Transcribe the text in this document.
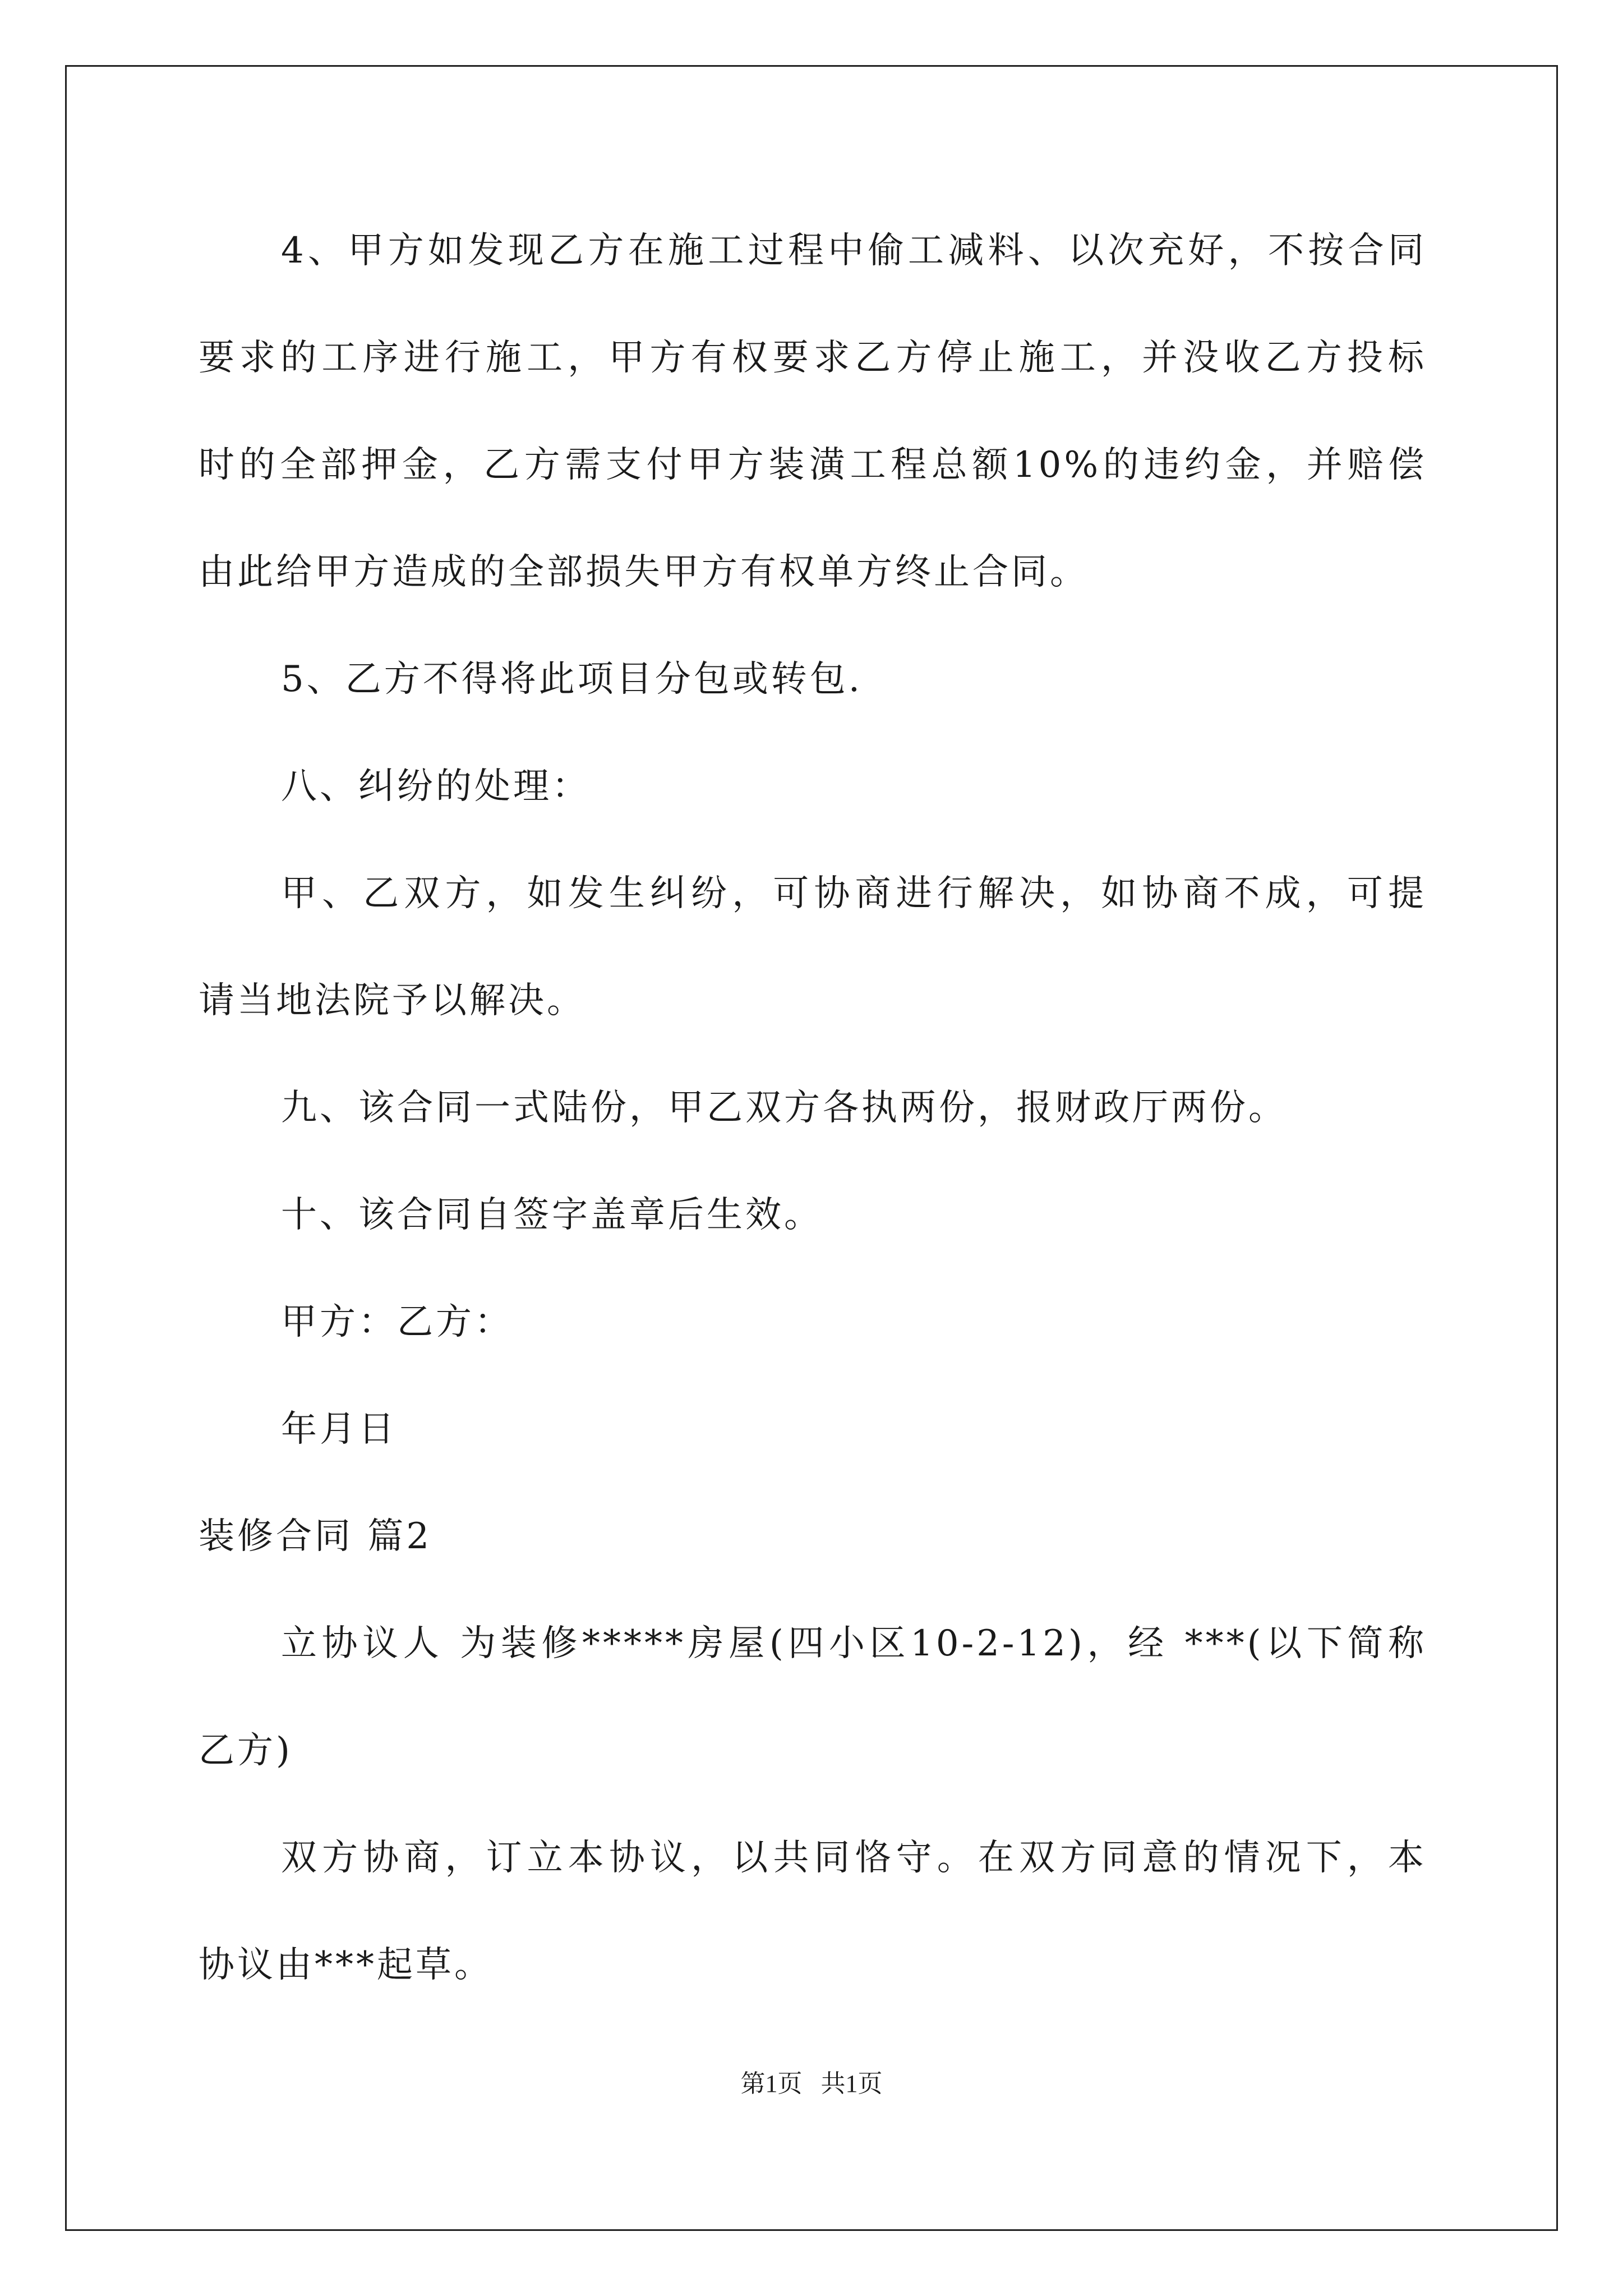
4、甲方如发现乙方在施工过程中偷工减料、以次充好，不按合同
要求的工序进行施工，甲方有权要求乙方停止施工，并没收乙方投标
时的全部押金，乙方需支付甲方装潢工程总额10%的违约金，并赔偿
由此给甲方造成的全部损失甲方有权单方终止合同。
5、乙方不得将此项目分包或转包.
八、纠纷的处理：
甲、乙双方，如发生纠纷，可协商进行解决，如协商不成，可提
请当地法院予以解决。
九、该合同一式陆份，甲乙双方各执两份，报财政厅两份。
十、该合同自签字盖章后生效。
甲方：乙方：
年月日
装修合同 篇2
立协议人 为装修*****房屋(四小区10-2-12)，经 ***(以下简称
乙方)
双方协商，订立本协议，以共同恪守。在双方同意的情况下，本
协议由***起草。
第1页   共1页
